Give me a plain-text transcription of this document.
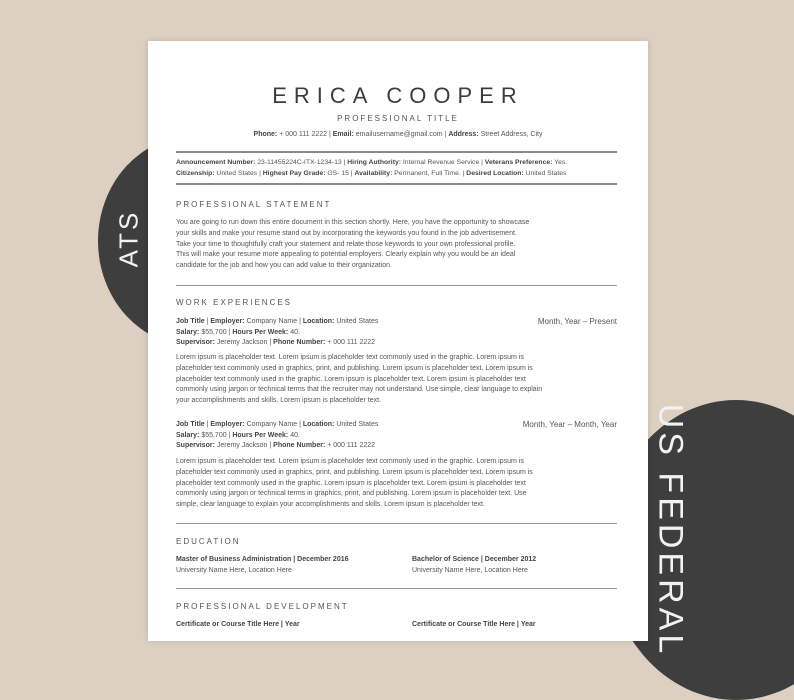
ATS
US FEDERAL
ERICA COOPER
PROFESSIONAL TITLE
Phone: + 000 111 2222 | Email: emailusername@gmail.com | Address: Street Address, City
Announcement Number: 23-11455224C-ITX-1234-13 | Hiring Authority: Internal Revenue Service | Veterans Preference: Yes.
Citizenship: United States | Highest Pay Grade: GS- 15 | Availability: Permanent, Full Time. | Desired Location: United States
PROFESSIONAL STATEMENT
You are going to run down this entire document in this section shortly. Here, you have the opportunity to showcase
your skills and make your resume stand out by incorporating the keywords you found in the job advertisement.
Take your time to thoughtfully craft your statement and relate those keywords to your own professional profile.
This will make your resume more appealing to potential employers. Clearly explain why you would be an ideal
candidate for the job and how you can add value to their organization.
WORK EXPERIENCES
Month, Year – Present
Job Title | Employer: Company Name | Location: United States
Salary: $55,700 | Hours Per Week: 40.
Supervisor: Jeremy Jackson | Phone Number: + 000 111 2222
Lorem ipsum is placeholder text. Lorem ipsum is placeholder text commonly used in the graphic. Lorem ipsum is
placeholder text commonly used in graphics, print, and publishing. Lorem ipsum is placeholder text. Lorem ipsum is
placeholder text commonly used in the graphic. Lorem ipsum is placeholder text. Lorem ipsum is placeholder text
commonly using jargon or technical terms that the recruiter may not understand. Use simple, clear language to explain
your accomplishments and skills. Lorem ipsum is placeholder text.
Month, Year – Month, Year
Job Title | Employer: Company Name | Location: United States
Salary: $55,700 | Hours Per Week: 40.
Supervisor: Jeremy Jackson | Phone Number: + 000 111 2222
Lorem ipsum is placeholder text. Lorem ipsum is placeholder text commonly used in the graphic. Lorem ipsum is
placeholder text commonly used in graphics, print, and publishing. Lorem ipsum is placeholder text. Lorem ipsum is
placeholder text commonly used in the graphic. Lorem ipsum is placeholder text. Lorem ipsum is placeholder text
commonly using jargon or technical terms in graphics, print, and publishing. Lorem ipsum is placeholder text. Use
simple, clear language to explain your accomplishments and skills. Lorem ipsum is placeholder text.
EDUCATION
Master of Business Administration | December 2016
University Name Here, Location Here
Bachelor of Science | December 2012
University Name Here, Location Here
PROFESSIONAL DEVELOPMENT
Certificate or Course Title Here | Year	Certificate or Course Title Here | Year
